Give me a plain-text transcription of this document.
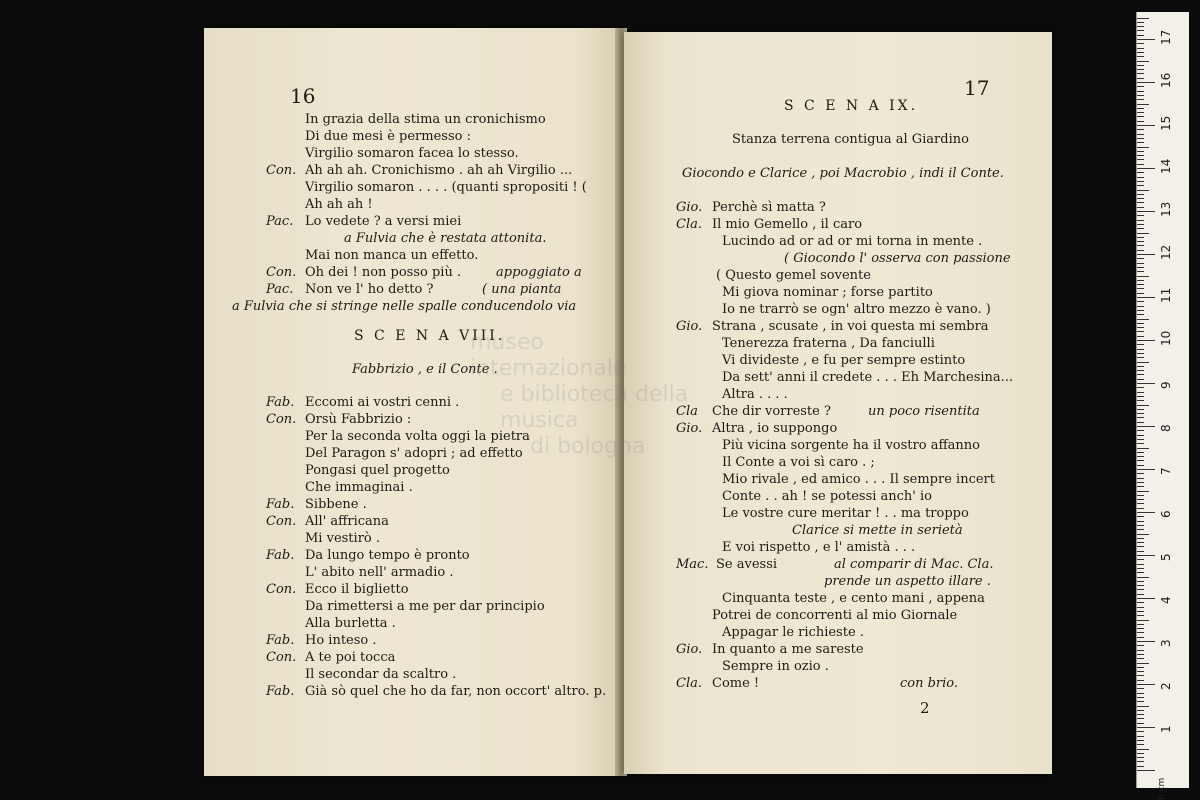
16
In grazia della stima un cronichismo
Di due mesi è permesso :
Virgilio somaron facea lo stesso.
Con. Ah ah ah. Cronichismo . ah ah Virgilio ...
Virgilio somaron . . . . (quanti spropositi ! (
Ah ah ah !
Pac. Lo vedete ? a versi miei
a Fulvia che è restata attonita.
Mai non manca un effetto.
Con. Oh dei ! non posso più .	appoggiato a
Pac. Non ve l' ho detto ?	( una pianta
a Fulvia che si stringe nelle spalle conducendolo via
S C E N A VIII.
Fabbrizio , e il Conte .
Fab. Eccomi ai vostri cenni .
Con. Orsù Fabbrizio :
Per la seconda volta oggi la pietra
Del Paragon s' adopri ; ad effetto
Pongasi quel progetto
Che immaginai .
Fab. Sibbene .
Con. All' affricana
Mi vestirò .
Fab. Da lungo tempo è pronto
L' abito nell' armadio .
Con. Ecco il biglietto
Da rimettersi a me per dar principio
Alla burletta .
Fab. Ho inteso .
Con. A te poi tocca
Il secondar da scaltro .
Fab. Già sò quel che ho da far, non occort' altro. p.
17
S C E N A IX.
Stanza terrena contigua al Giardino
Giocondo e Clarice , poi Macrobio , indi il Conte.
Gio. Perchè sì matta ?
Cla. Il mio Gemello , il caro
Lucindo ad or ad or mi torna in mente .
( Giocondo l' osserva con passione
( Questo gemel sovente
Mi giova nominar ; forse partito
Io ne trarrò se ogn' altro mezzo è vano. )
Gio. Strana , scusate , in voi questa mi sembra
Tenerezza fraterna , Da fanciulli
Vi divideste , e fu per sempre estinto
Da sett' anni il credete . . . Eh Marchesina...
Altra . . . .
Cla Che dir vorreste ?	un poco risentita
Gio. Altra , io suppongo
Più vicina sorgente ha il vostro affanno
Il Conte a voi sì caro . ;
Mio rivale , ed amico . . . Il sempre incert
Conte . . ah ! se potessi anch' io
Le vostre cure meritar ! . . ma troppo
Clarice si mette in serietà
E voi rispetto , e l' amistà . . .
Mac. Se avessi	al comparir di Mac. Cla.
prende un aspetto illare .
Cinquanta teste , e cento mani , appena
Potrei de concorrenti al mio Giornale
Appagar le richieste .
Gio. In quanto a me sareste
Sempre in ozio .
Cla. Come !	con brio.
2
museo internazionale
e biblioteca della musica
di bologna
0 cm
1
2
3
4
5
6
7
8
9
10
11
12
13
14
15
16
17
